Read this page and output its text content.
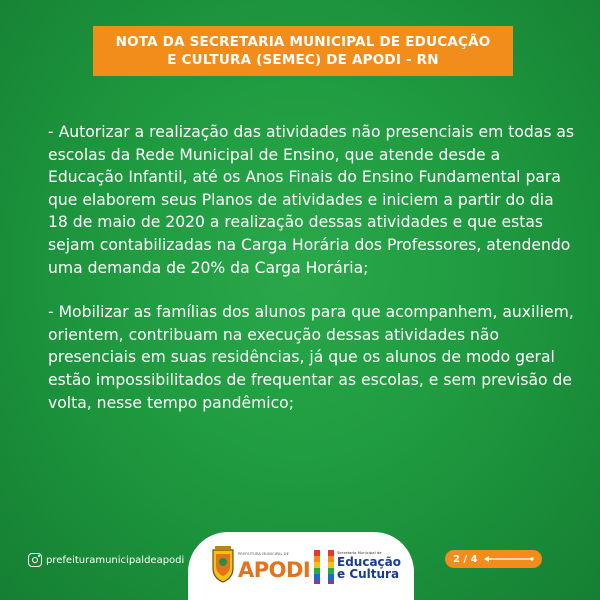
NOTA DA SECRETARIA MUNICIPAL DE EDUCAÇÃO
E CULTURA (SEMEC) DE APODI - RN

- Autorizar a realização das atividades não presenciais em todas as escolas da Rede Municipal de Ensino, que atende desde a Educação Infantil, até os Anos Finais do Ensino Fundamental para que elaborem seus Planos de atividades e iniciem a partir do dia 18 de maio de 2020 a realização dessas atividades e que estas sejam contabilizadas na Carga Horária dos Professores, atendendo uma demanda de 20% da Carga Horária;

- Mobilizar as famílias dos alunos para que acompanhem, auxiliem, orientem, contribuam na execução dessas atividades não presenciais em suas residências, já que os alunos de modo geral estão impossibilitados de frequentar as escolas, e sem previsão de volta, nesse tempo pandêmico;

prefeituramunicipaldeapodi
PREFEITURA MUNICIPAL DE
APODI
Secretaria Municipal de
Educação
e Cultura
2 / 4
